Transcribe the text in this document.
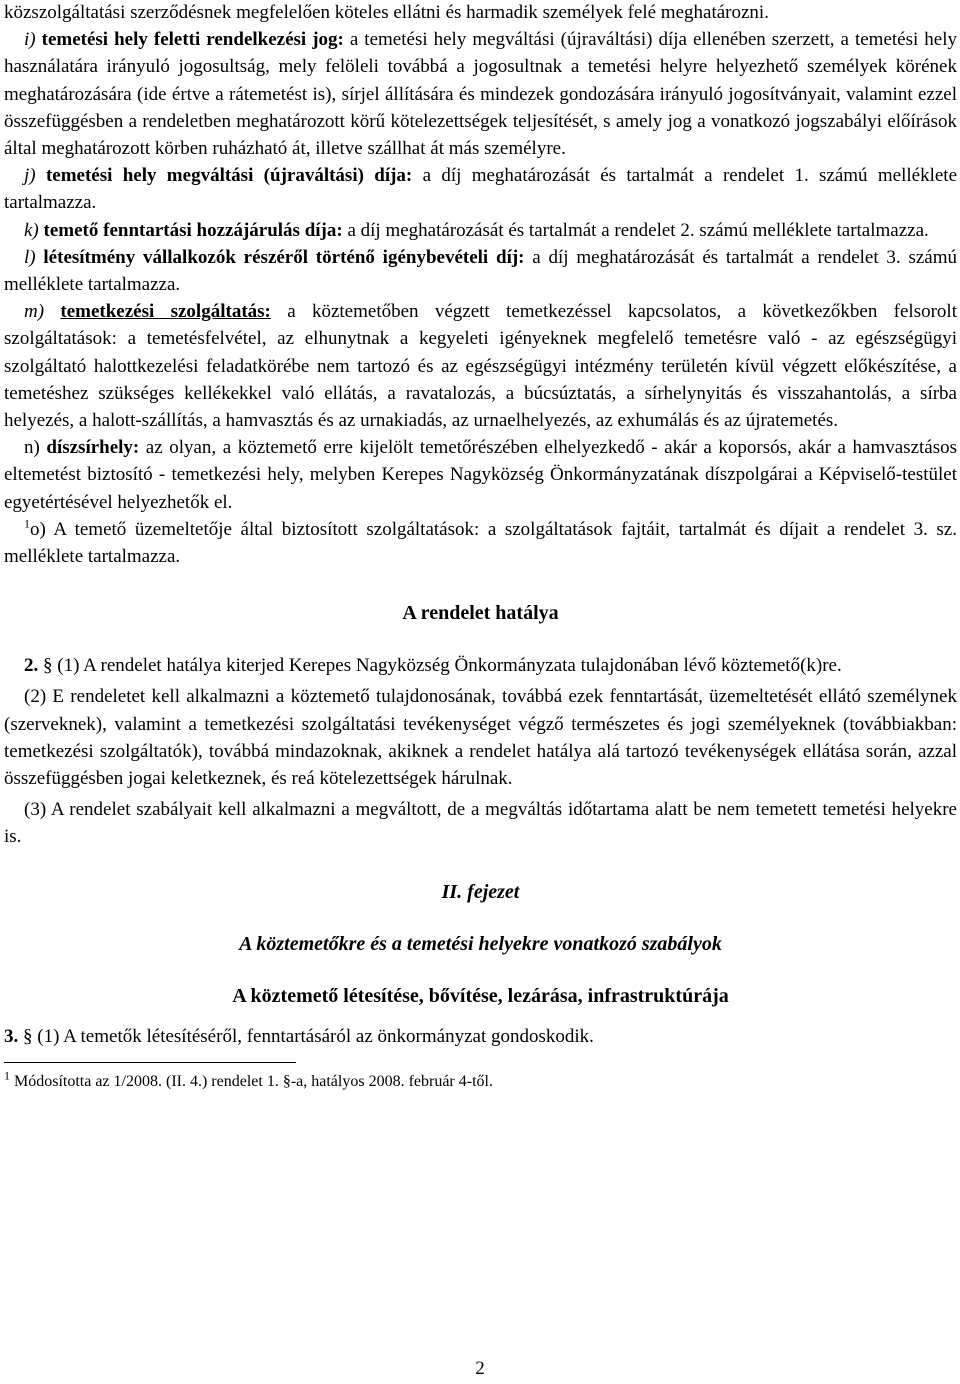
közszolgáltatási szerződésnek megfelelően köteles ellátni és harmadik személyek felé meghatározni.

i) temetési hely feletti rendelkezési jog: a temetési hely megváltási (újraváltási) díja ellenében szerzett, a temetési hely használatára irányuló jogosultság, mely felöleli továbbá a jogosultnak a temetési helyre helyezhető személyek körének meghatározására (ide értve a rátemetést is), sírjel állítására és mindezek gondozására irányuló jogosítványait, valamint ezzel összefüggésben a rendeletben meghatározott körű kötelezettségek teljesítését, s amely jog a vonatkozó jogszabályi előírások által meghatározott körben ruházható át, illetve szállhat át más személyre.

j) temetési hely megváltási (újraváltási) díja: a díj meghatározását és tartalmát a rendelet 1. számú melléklete tartalmazza.

k) temető fenntartási hozzájárulás díja: a díj meghatározását és tartalmát a rendelet 2. számú melléklete tartalmazza.

l) létesítmény vállalkozók részéről történő igénybevételi díj: a díj meghatározását és tartalmát a rendelet 3. számú melléklete tartalmazza.

m) temetkezési szolgáltatás: a köztemetőben végzett temetkezéssel kapcsolatos, a következőkben felsorolt szolgáltatások: a temetésfelvétel, az elhunytnak a kegyeleti igényeknek megfelelő temetésre való - az egészségügyi szolgáltató halottkezelési feladatkörébe nem tartozó és az egészségügyi intézmény területén kívül végzett előkészítése, a temetéshez szükséges kellékekkel való ellátás, a ravatalozás, a búcsúztatás, a sírhelynyitás és visszahantolás, a sírba helyezés, a halott-szállítás, a hamvasztás és az urnakiadás, az urnaelhelyezés, az exhumálás és az újratemetés.

n) díszsírhely: az olyan, a köztemető erre kijelölt temetőrészében elhelyezkedő - akár a koporsós, akár a hamvasztásos eltemetést biztosító - temetkezési hely, melyben Kerepes Nagyközség Önkormányzatának díszpolgárai a Képviselő-testület egyetértésével helyezhetők el.

$^1$o) A temető üzemeltetője által biztosított szolgáltatások: a szolgáltatások fajtáit, tartalmát és díjait a rendelet 3. sz. melléklete tartalmazza.

A rendelet hatálya

2. § (1) A rendelet hatálya kiterjed Kerepes Nagyközség Önkormányzata tulajdonában lévő köztemető(k)re.

(2) E rendeletet kell alkalmazni a köztemető tulajdonosának, továbbá ezek fenntartását, üzemeltetését ellátó személynek (szerveknek), valamint a temetkezési szolgáltatási tevékenységet végző természetes és jogi személyeknek (továbbiakban: temetkezési szolgáltatók), továbbá mindazoknak, akiknek a rendelet hatálya alá tartozó tevékenységek ellátása során, azzal összefüggésben jogai keletkeznek, és reá kötelezettségek hárulnak.

(3) A rendelet szabályait kell alkalmazni a megváltott, de a megváltás időtartama alatt be nem temetett temetési helyekre is.

II. fejezet

A köztemetőkre és a temetési helyekre vonatkozó szabályok

A köztemető létesítése, bővítése, lezárása, infrastruktúrája

3. § (1) A temetők létesítéséről, fenntartásáról az önkormányzat gondoskodik.

$^1$ Módosította az 1/2008. (II. 4.) rendelet 1. §-a, hatályos 2008. február 4-től.

2
